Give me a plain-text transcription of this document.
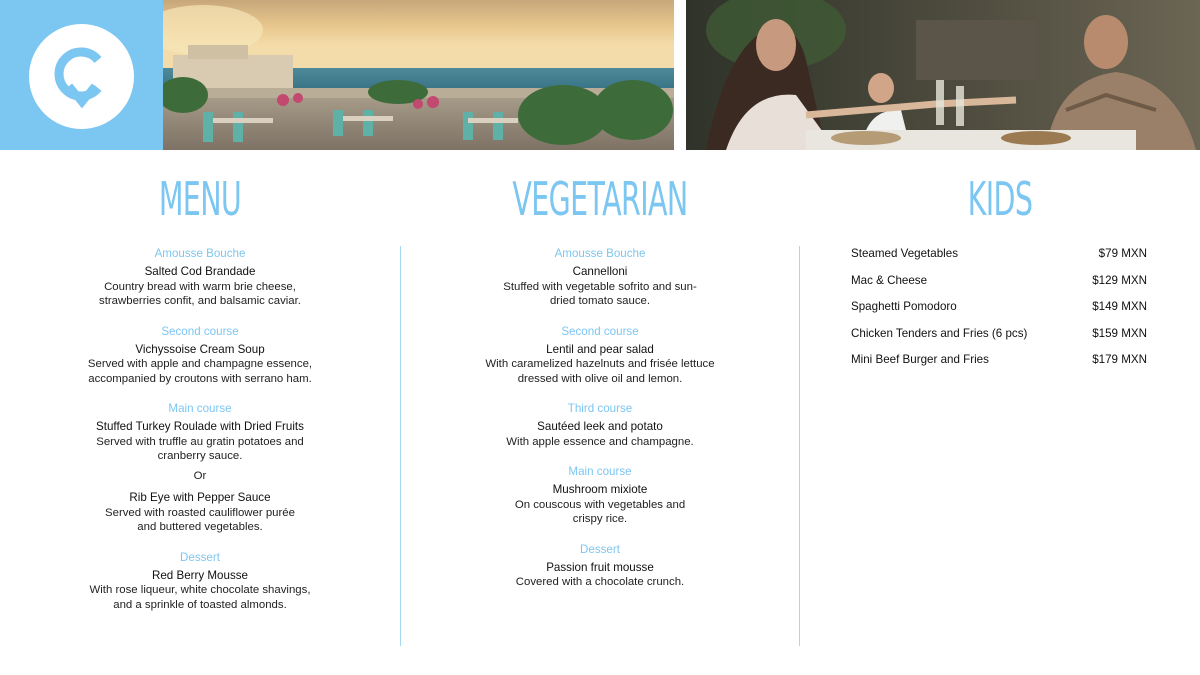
MENU	VEGETARIAN	KIDS
Amousse Bouche
Salted Cod Brandade
Country bread with warm brie cheese,
strawberries confit, and balsamic caviar.
Second course
Vichyssoise Cream Soup
Served with apple and champagne essence,
accompanied by croutons with serrano ham.
Main course
Stuffed Turkey Roulade with Dried Fruits
Served with truffle au gratin potatoes and
cranberry sauce.
Or
Rib Eye with Pepper Sauce
Served with roasted cauliflower purée
and buttered vegetables.
Dessert
Red Berry Mousse
With rose liqueur, white chocolate shavings,
and a sprinkle of toasted almonds.
Amousse Bouche
Cannelloni
Stuffed with vegetable sofrito and sun-
dried tomato sauce.
Second course
Lentil and pear salad
With caramelized hazelnuts and frisée lettuce
dressed with olive oil and lemon.
Third course
Sautéed leek and potato
With apple essence and champagne.
Main course
Mushroom mixiote
On couscous with vegetables and
crispy rice.
Dessert
Passion fruit mousse
Covered with a chocolate crunch.
Steamed Vegetables	$79 MXN
Mac & Cheese	$129 MXN
Spaghetti Pomodoro	$149 MXN
Chicken Tenders and Fries (6 pcs)	$159 MXN
Mini Beef Burger and Fries	$179 MXN
